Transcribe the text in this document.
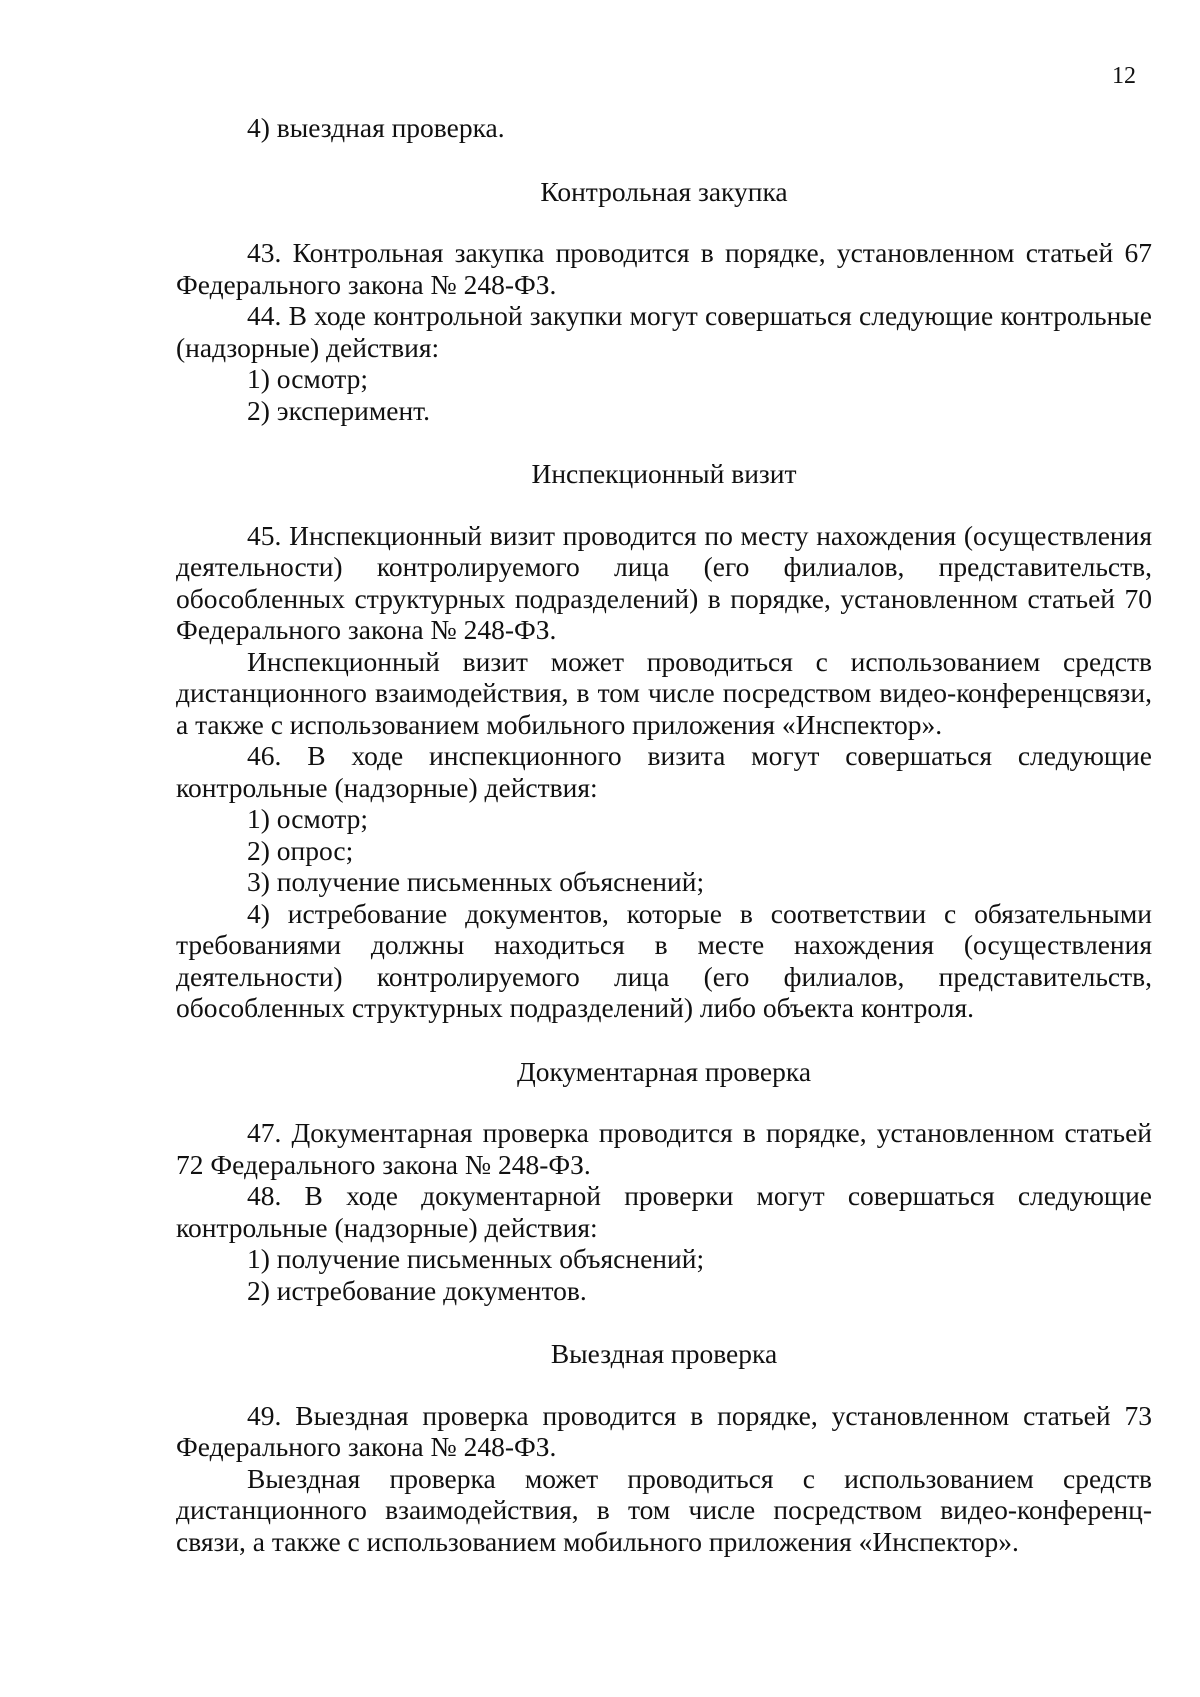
12

4) выездная проверка.

Контрольная закупка

43. Контрольная закупка проводится в порядке, установленном статьей 67 Федерального закона № 248-ФЗ.

44. В ходе контрольной закупки могут совершаться следующие контрольные (надзорные) действия:

1) осмотр;

2) эксперимент.

Инспекционный визит

45. Инспекционный визит проводится по месту нахождения (осуществления деятельности) контролируемого лица (его филиалов, представительств, обособленных структурных подразделений) в порядке, установленном статьей 70 Федерального закона № 248-ФЗ.

Инспекционный визит может проводиться с использованием средств дистанционного взаимодействия, в том числе посредством видео-конференцсвязи, а также с использованием мобильного приложения «Инспектор».

46. В ходе инспекционного визита могут совершаться следующие контрольные (надзорные) действия:

1) осмотр;

2) опрос;

3) получение письменных объяснений;

4) истребование документов, которые в соответствии с обязательными требованиями должны находиться в месте нахождения (осуществления деятельности) контролируемого лица (его филиалов, представительств, обособленных структурных подразделений) либо объекта контроля.

Документарная проверка

47. Документарная проверка проводится в порядке, установленном статьей 72 Федерального закона № 248-ФЗ.

48. В ходе документарной проверки могут совершаться следующие контрольные (надзорные) действия:

1) получение письменных объяснений;

2) истребование документов.

Выездная проверка

49. Выездная проверка проводится в порядке, установленном статьей 73 Федерального закона № 248-ФЗ.

Выездная проверка может проводиться с использованием средств дистанционного взаимодействия, в том числе посредством видео-конференц-связи, а также с использованием мобильного приложения «Инспектор».
